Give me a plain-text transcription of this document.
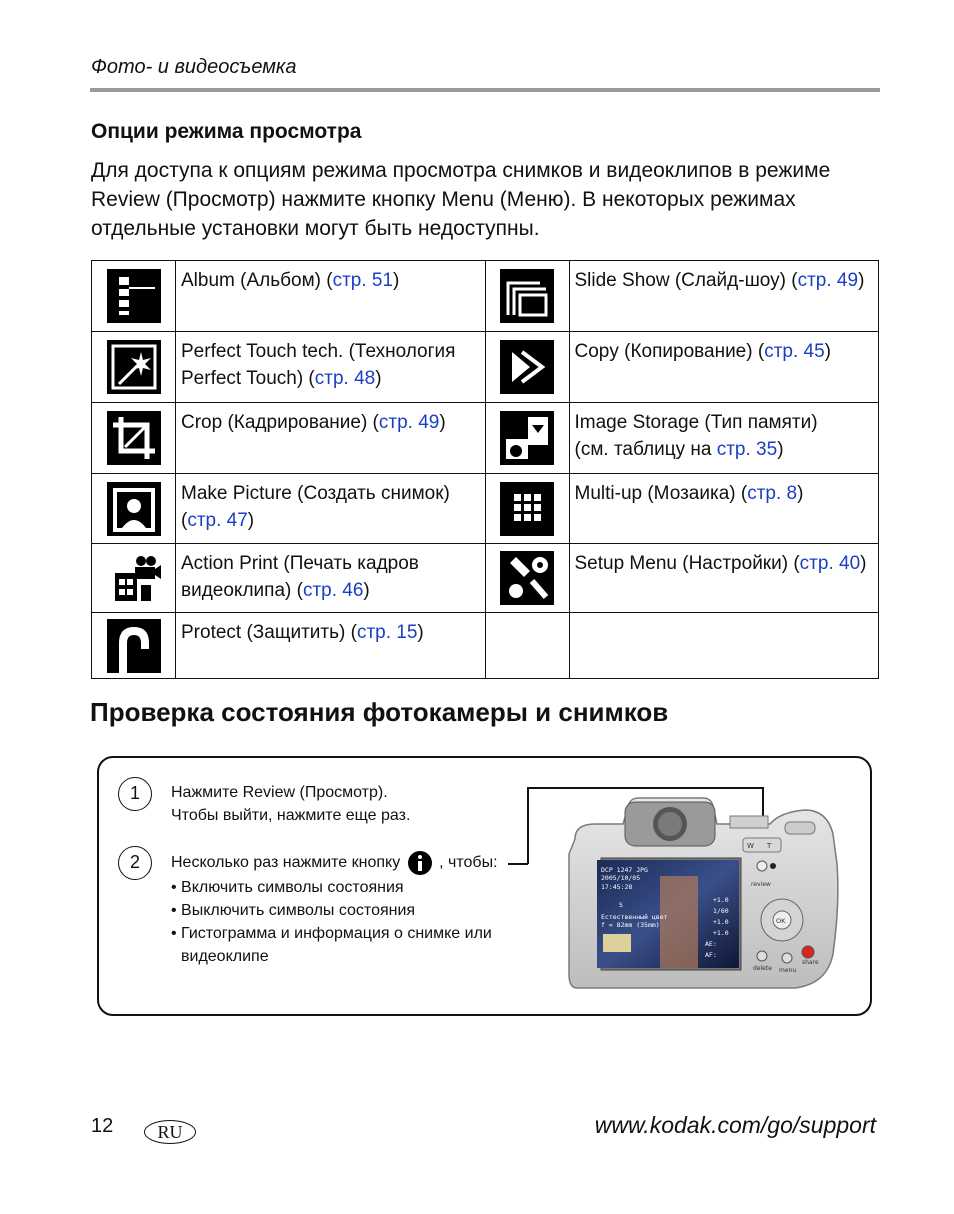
Фото- и видеосъемка
Опции режима просмотра
Для доступа к опциям режима просмотра снимков и видеоклипов в режиме
Review (Просмотр) нажмите кнопку Menu (Меню). В некоторых режимах
отдельные установки могут быть недоступны.
	Album (Альбом) (стр. 51)		Slide Show (Слайд-шоу) (стр. 49)

Perfect Touch tech. (Технология
Perfect Touch) (стр. 48)		Copy (Копирование) (стр. 45)
	Crop (Кадрирование) (стр. 49)		Image Storage (Тип памяти)
(см. таблицу на стр. 35)

Make Picture (Создать снимок)
(стр. 47)		Multi-up (Мозаика) (стр. 8)

Action Print (Печать кадров
видеоклипа) (стр. 46)		Setup Menu (Настройки) (стр. 40)
	Protect (Защитить) (стр. 15)		
Проверка состояния фотокамеры и снимков
1	Нажмите Review (Просмотр).
Чтобы выйти, нажмите еще раз.
2	Несколько раз нажмите кнопку , чтобы:
• Включить символы состояния
• Выключить символы состояния
• Гистограмма и информация о снимке или
видеоклипе
DCP 1247 JPG
2005/10/05
17:45:28
S
Естественный цвет
f = 82mm (35mm)
+1.0
1/60
+1.0
+1.0
AE:
AF:
W T
review
OK
delete menu
share
12	RU	www.kodak.com/go/support
